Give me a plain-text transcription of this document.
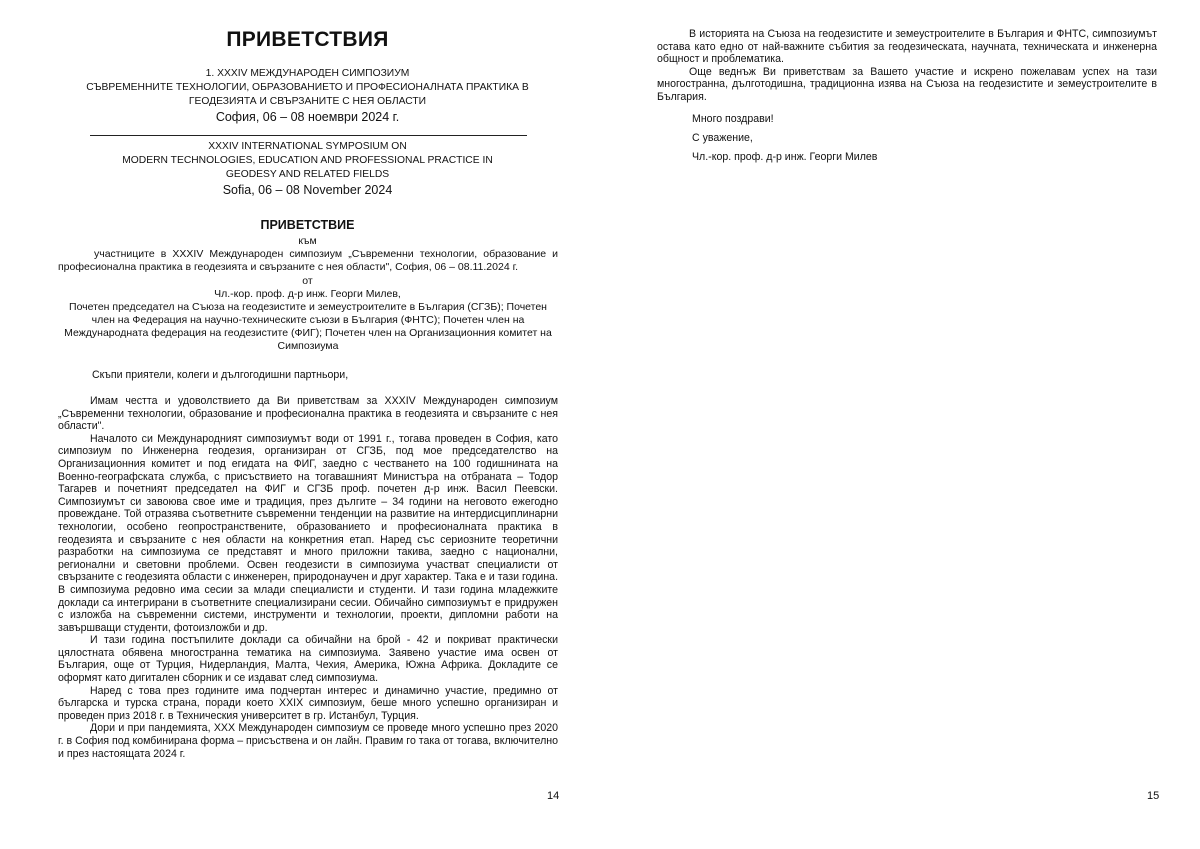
ПРИВЕТСТВИЯ
1. XXXIV МЕЖДУНАРОДЕН СИМПОЗИУМ
СЪВРЕМЕННИТЕ ТЕХНОЛОГИИ, ОБРАЗОВАНИЕТО И ПРОФЕСИОНАЛНАТА ПРАКТИКА В
ГЕОДЕЗИЯТА И СВЪРЗАНИТЕ С НЕЯ ОБЛАСТИ
София, 06 – 08 ноември 2024 г.
XXXIV INTERNATIONAL SYMPOSIUM ON
MODERN TECHNOLOGIES, EDUCATION AND PROFESSIONAL PRACTICE IN
GEODESY AND RELATED FIELDS
Sofia, 06 – 08 November 2024
ПРИВЕТСТВИЕ
към
участниците в XXXIV Международен симпозиум „Съвременни технологии, образование и професионална практика в геодезията и свързаните с нея области", София, 06 – 08.11.2024 г.
от
Чл.-кор. проф. д-р инж. Георги Милев,
Почетен председател на Съюза на геодезистите и земеустроителите в България (СГЗБ); Почетен член на Федерация на научно-техническите съюзи в България (ФНТС); Почетен член на Международната федерация на геодезистите (ФИГ); Почетен член на Организационния комитет на Симпозиума
Скъпи приятели, колеги и дългогодишни партньори,

Имам честта и удоволствието да Ви приветствам за XXXIV Международен симпозиум „Съвременни технологии, образование и професионална практика в геодезията и свързаните с нея области".

Началото си Международният симпозиумът води от 1991 г., тогава проведен в София, като симпозиум по Инженерна геодезия, организиран от СГЗБ, под мое председателство на Организационния комитет и под егидата на ФИГ, заедно с честването на 100 годишнината на Военно-географската служба, с присъствието на тогавашният Министъра на отбраната – Тодор Тагарев и почетният председател на ФИГ и СГЗБ проф. почетен д-р инж. Васил Пеевски. Симпозиумът си завоюва свое име и традиция, през дългите – 34 години на неговото ежегодно провеждане. Той отразява съответните съвременни тенденции на развитие на интердисциплинарни технологии, особено геопространствените, образованието и професионалната практика в геодезията и свързаните с нея области на конкретния етап. Наред със сериозните теоретични разработки на симпозиума се представят и много приложни такива, заедно с национални, регионални и световни проблеми. Освен геодезисти в симпозиума участват специалисти от свързаните с геодезията области с инженерен, природонаучен и друг характер. Така е и тази година. В симпозиума редовно има сесии за млади специалисти и студенти. И тази година младежките доклади са интегрирани в съответните специализирани сесии. Обичайно симпозиумът е придружен с изложба на съвременни системи, инструменти и технологии, проекти, дипломни работи на завършващи студенти, фотоизложби и др.

И тази година постъпилите доклади са обичайни на брой - 42 и покриват практически цялостната обявена многостранна тематика на симпозиума. Заявено участие има освен от България, още от Турция, Нидерландия, Малта, Чехия, Америка, Южна Африка. Докладите се оформят като дигитален сборник и се издават след симпозиума.

Наред с това през годините има подчертан интерес и динамично участие, предимно от българска и турска страна, поради което XXIX симпозиум, беше много успешно организиран и проведен приз 2018 г. в Техническия университет в гр. Истанбул, Турция.

Дори и при пандемията, XXX Международен симпозиум се проведе много успешно през 2020 г. в София под комбинирана форма – присъствена и он лайн. Правим го така от тогава, включително и през настоящата 2024 г.

14

В историята на Съюза на геодезистите и земеустроителите в България и ФНТС, симпозиумът остава като едно от най-важните събития за геодезическата, научната, техническата и инженерна общност и проблематика.

Още веднъж Ви приветствам за Вашето участие и искрено пожелавам успех на тази многостранна, дълготодишна, традиционна изява на Съюза на геодезистите и земеустроителите в България.

Много поздрави!
С уважение,
Чл.-кор. проф. д-р инж. Георги Милев
15
